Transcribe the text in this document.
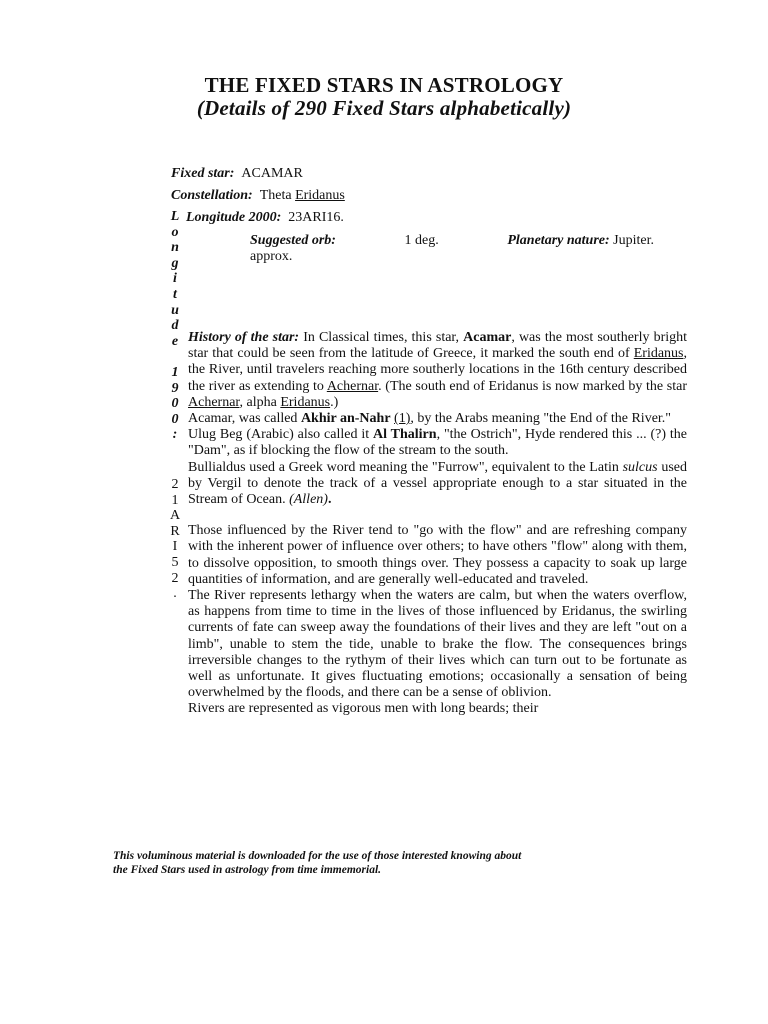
THE FIXED STARS IN ASTROLOGY
(Details of 290 Fixed Stars alphabetically)
Fixed star: ACAMAR
Constellation: Theta Eridanus
Longitude 2000: 23ARI16.
L
o
n
g
i
t
u
d
e
1
9
0
0
:
2
1
A
R
I
5
2
.
Suggested orb:	1 deg.	Planetary nature: Jupiter.
approx.

History of the star: In Classical times, this star, Acamar, was the most southerly bright star that could be seen from the latitude of Greece, it marked the south end of Eridanus, the River, until travelers reaching more southerly locations in the 16th century described the river as extending to Achernar. (The south end of Eridanus is now marked by the star Achernar, alpha Eridanus.)

Acamar, was called Akhir an-Nahr (1), by the Arabs meaning "the End of the River."

Ulug Beg (Arabic) also called it Al Thalirn, "the Ostrich", Hyde rendered this ... (?) the "Dam", as if blocking the flow of the stream to the south.

Bullialdus used a Greek word meaning the "Furrow", equivalent to the Latin sulcus used by Vergil to denote the track of a vessel appropriate enough to a star situated in the Stream of Ocean. (Allen).

Those influenced by the River tend to "go with the flow" and are refreshing company with the inherent power of influence over others; to have others "flow" along with them, to dissolve opposition, to smooth things over. They possess a capacity to soak up large quantities of information, and are generally well-educated and traveled.

The River represents lethargy when the waters are calm, but when the waters overflow, as happens from time to time in the lives of those influenced by Eridanus, the swirling currents of fate can sweep away the foundations of their lives and they are left "out on a limb", unable to stem the tide, unable to brake the flow. The consequences brings irreversible changes to the rythym of their lives which can turn out to be fortunate as well as unfortunate. It gives fluctuating emotions; occasionally a sensation of being overwhelmed by the floods, and there can be a sense of oblivion.

Rivers are represented as vigorous men with long beards; their

This voluminous material is downloaded for the use of those interested knowing about
the Fixed Stars used in astrology from time immemorial.
